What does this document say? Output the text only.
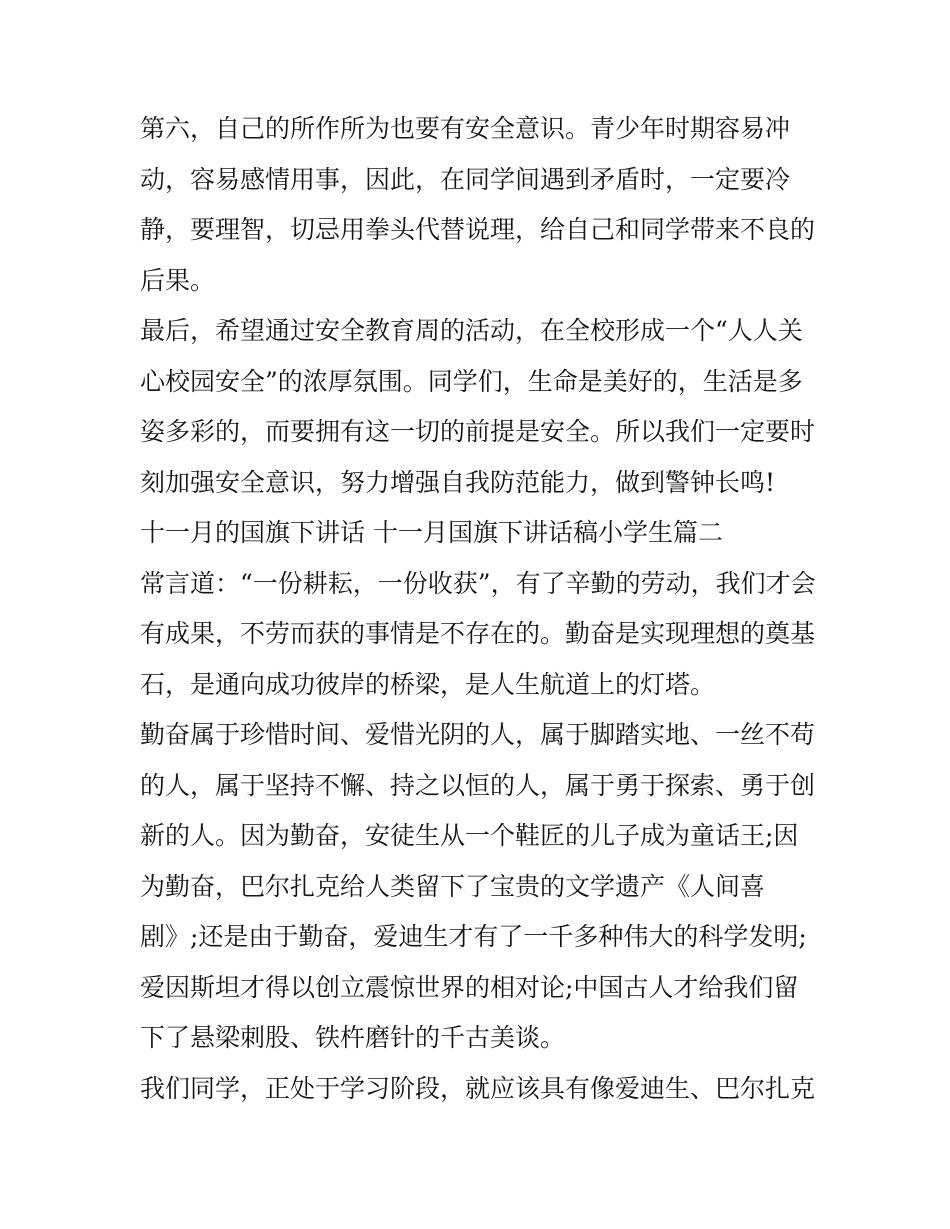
第六，自己的所作所为也要有安全意识。青少年时期容易冲
动，容易感情用事，因此，在同学间遇到矛盾时，一定要冷
静，要理智，切忌用拳头代替说理，给自己和同学带来不良的
后果。
最后，希望通过安全教育周的活动，在全校形成一个“人人关
心校园安全”的浓厚氛围。同学们，生命是美好的，生活是多
姿多彩的，而要拥有这一切的前提是安全。所以我们一定要时
刻加强安全意识，努力增强自我防范能力，做到警钟长鸣!
十一月的国旗下讲话 十一月国旗下讲话稿小学生篇二
常言道：“一份耕耘，一份收获”，有了辛勤的劳动，我们才会
有成果，不劳而获的事情是不存在的。勤奋是实现理想的奠基
石，是通向成功彼岸的桥梁，是人生航道上的灯塔。
勤奋属于珍惜时间、爱惜光阴的人，属于脚踏实地、一丝不苟
的人，属于坚持不懈、持之以恒的人，属于勇于探索、勇于创
新的人。因为勤奋，安徒生从一个鞋匠的儿子成为童话王;因
为勤奋，巴尔扎克给人类留下了宝贵的文学遗产《人间喜
剧》;还是由于勤奋，爱迪生才有了一千多种伟大的科学发明;
爱因斯坦才得以创立震惊世界的相对论;中国古人才给我们留
下了悬梁刺股、铁杵磨针的千古美谈。
我们同学，正处于学习阶段，就应该具有像爱迪生、巴尔扎克
